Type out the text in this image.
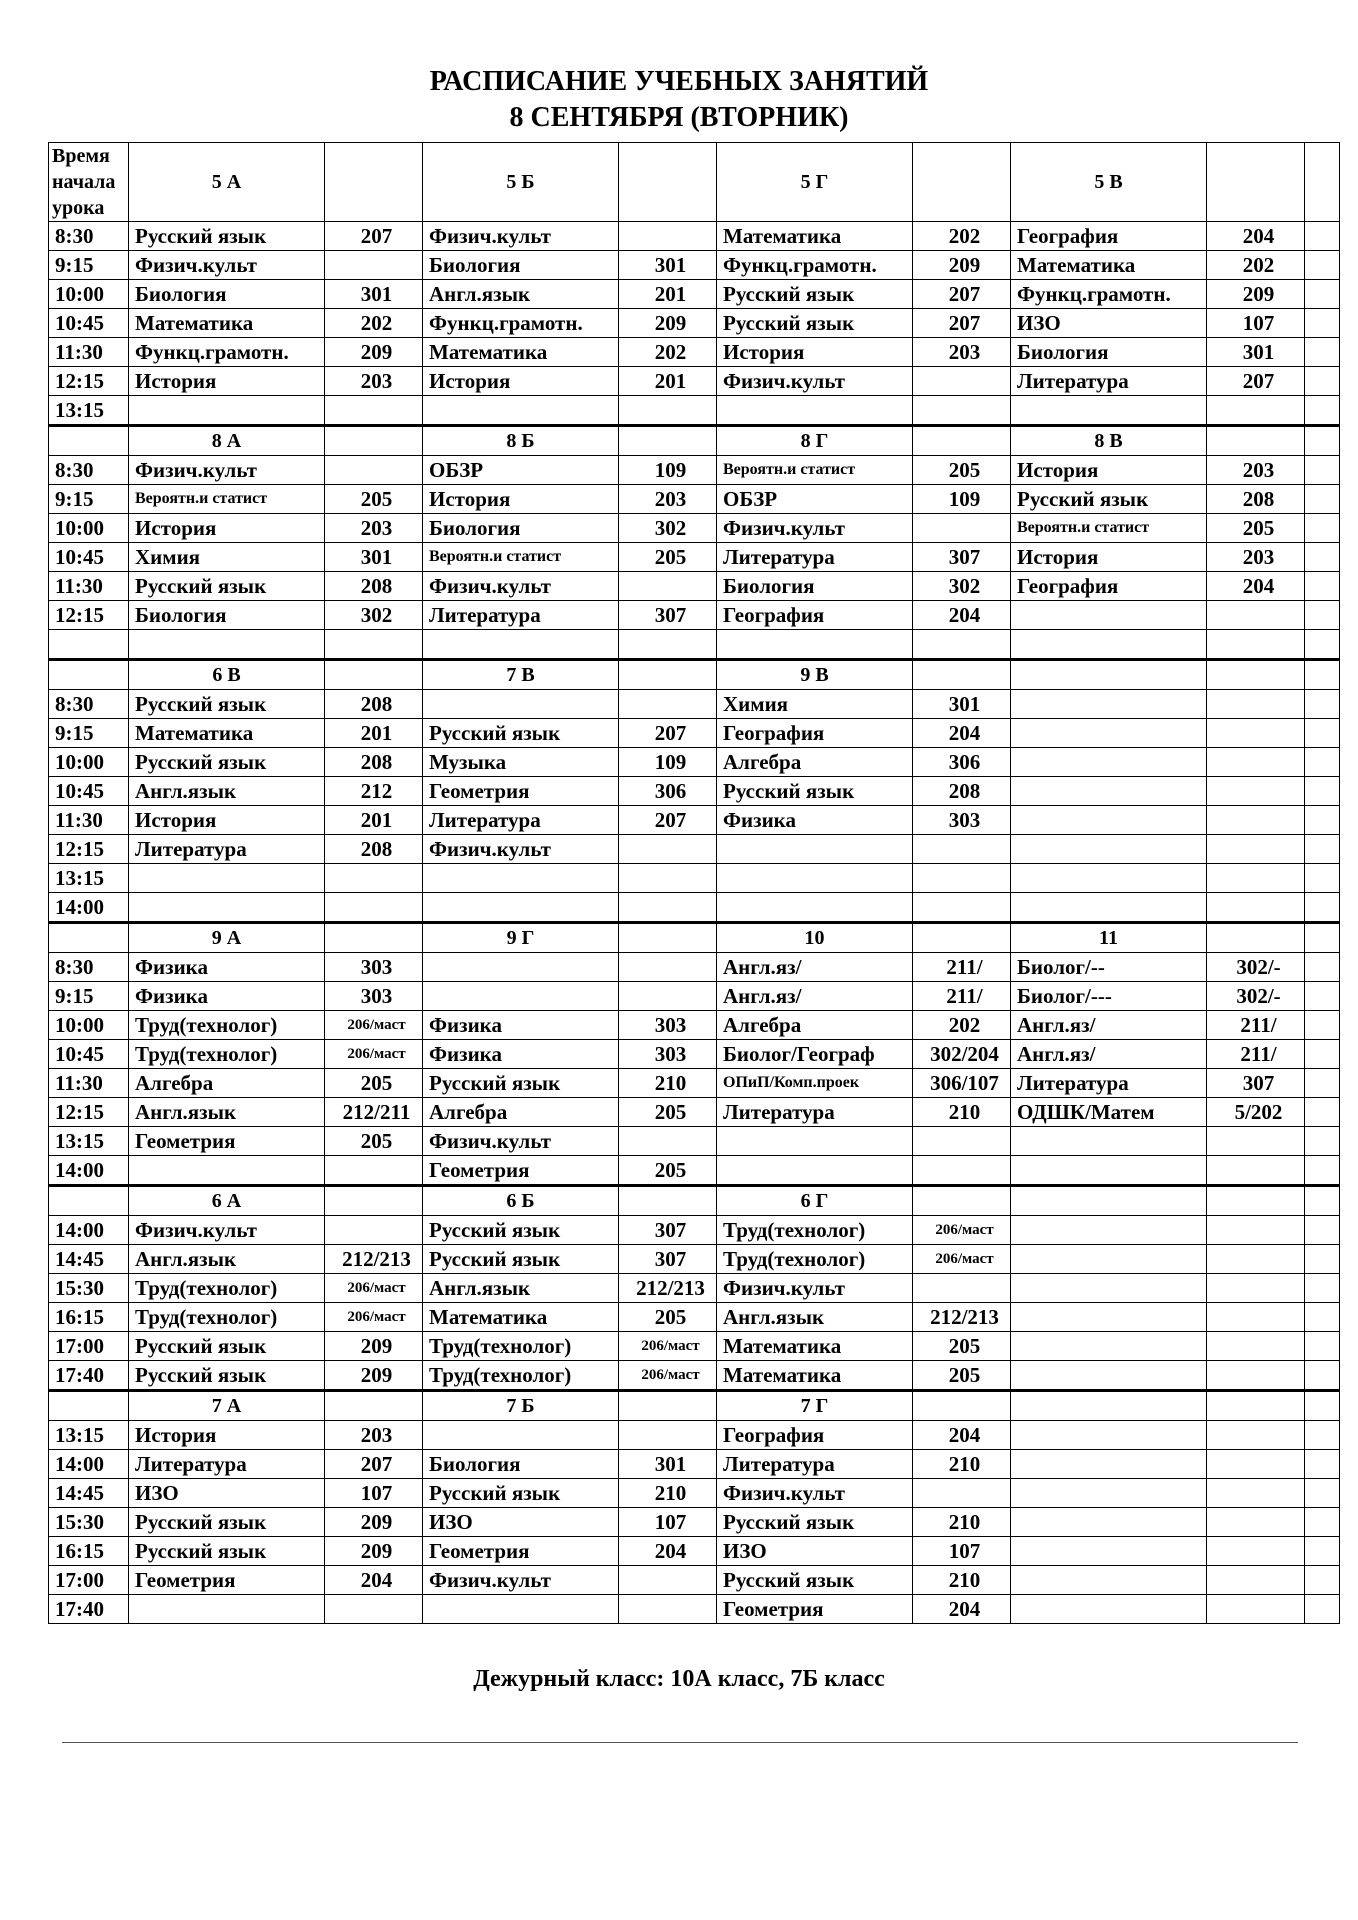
РАСПИСАНИЕ УЧЕБНЫХ ЗАНЯТИЙ
8 СЕНТЯБРЯ (ВТОРНИК)
Время начала урока	5 А		5 Б		5 Г		5 В		
8:30	Русский язык	207	Физич.культ		Математика	202	География	204	
9:15	Физич.культ		Биология	301	Функц.грамотн.	209	Математика	202	
10:00	Биология	301	Англ.язык	201	Русский язык	207	Функц.грамотн.	209	
10:45	Математика	202	Функц.грамотн.	209	Русский язык	207	ИЗО	107	
11:30	Функц.грамотн.	209	Математика	202	История	203	Биология	301	
12:15	История	203	История	201	Физич.культ		Литература	207	
13:15									
	8 А		8 Б		8 Г		8 В		
8:30	Физич.культ		ОБЗР	109	Вероятн.и статист	205	История	203	
9:15	Вероятн.и статист	205	История	203	ОБЗР	109	Русский язык	208	
10:00	История	203	Биология	302	Физич.культ		Вероятн.и статист	205	
10:45	Химия	301	Вероятн.и статист	205	Литература	307	История	203	
11:30	Русский язык	208	Физич.культ		Биология	302	География	204	
12:15	Биология	302	Литература	307	География	204			

	6 В		7 В		9 В				
8:30	Русский язык	208			Химия	301			
9:15	Математика	201	Русский язык	207	География	204			
10:00	Русский язык	208	Музыка	109	Алгебра	306			
10:45	Англ.язык	212	Геометрия	306	Русский язык	208			
11:30	История	201	Литература	207	Физика	303			
12:15	Литература	208	Физич.культ						
13:15									
14:00									
	9 А		9 Г		10		11		
8:30	Физика	303			Англ.яз/	211/	Биолог/--	302/-	
9:15	Физика	303			Англ.яз/	211/	Биолог/---	302/-	
10:00	Труд(технолог)	206/маст	Физика	303	Алгебра	202	Англ.яз/	211/	
10:45	Труд(технолог)	206/маст	Физика	303	Биолог/Географ	302/204	Англ.яз/	211/	
11:30	Алгебра	205	Русский язык	210	ОПиП/Комп.проек	306/107	Литература	307	
12:15	Англ.язык	212/211	Алгебра	205	Литература	210	ОДШК/Матем	5/202	
13:15	Геометрия	205	Физич.культ						
14:00			Геометрия	205					
	6 А		6 Б		6 Г				
14:00	Физич.культ		Русский язык	307	Труд(технолог)	206/маст			
14:45	Англ.язык	212/213	Русский язык	307	Труд(технолог)	206/маст			
15:30	Труд(технолог)	206/маст	Англ.язык	212/213	Физич.культ				
16:15	Труд(технолог)	206/маст	Математика	205	Англ.язык	212/213			
17:00	Русский язык	209	Труд(технолог)	206/маст	Математика	205			
17:40	Русский язык	209	Труд(технолог)	206/маст	Математика	205			
	7 А		7 Б		7 Г				
13:15	История	203			География	204			
14:00	Литература	207	Биология	301	Литература	210			
14:45	ИЗО	107	Русский язык	210	Физич.культ				
15:30	Русский язык	209	ИЗО	107	Русский язык	210			
16:15	Русский язык	209	Геометрия	204	ИЗО	107			
17:00	Геометрия	204	Физич.культ		Русский язык	210			
17:40					Геометрия	204			
Дежурный класс: 10А класс, 7Б класс
